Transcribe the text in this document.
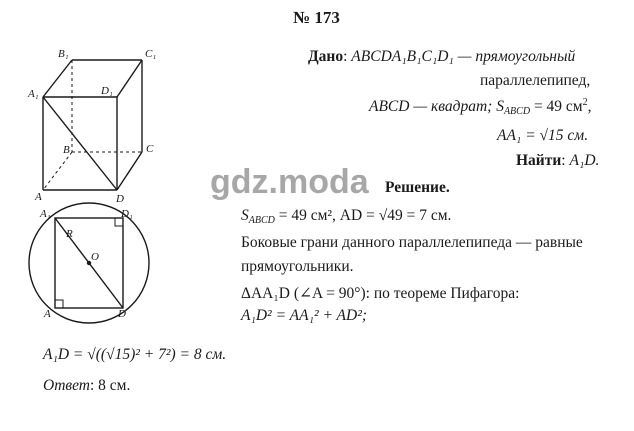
№ 173
B₁	C₁
A₁	D₁
B	C
A	D
A₁	D₁
A	D
R
O
Дано: ABCDA₁B₁C₁D₁ — прямоугольный
параллелепипед,
ABCD — квадрат; $S_{ABCD} = 49$ $см^2$,
AA₁ = √15 см.
Найти: A₁D.
gdz.moda Решение.
$S_{ABCD} = 49$ см², AD = √49 = 7 см.
Боковые грани данного параллелепипеда — равные
прямоугольники.
ΔAA₁D (∠A = 90°): по теореме Пифагора:
A₁D² = AA₁² + AD²;
A₁D = √((√15)² + 7²) = 8 см.
Ответ: 8 см.
